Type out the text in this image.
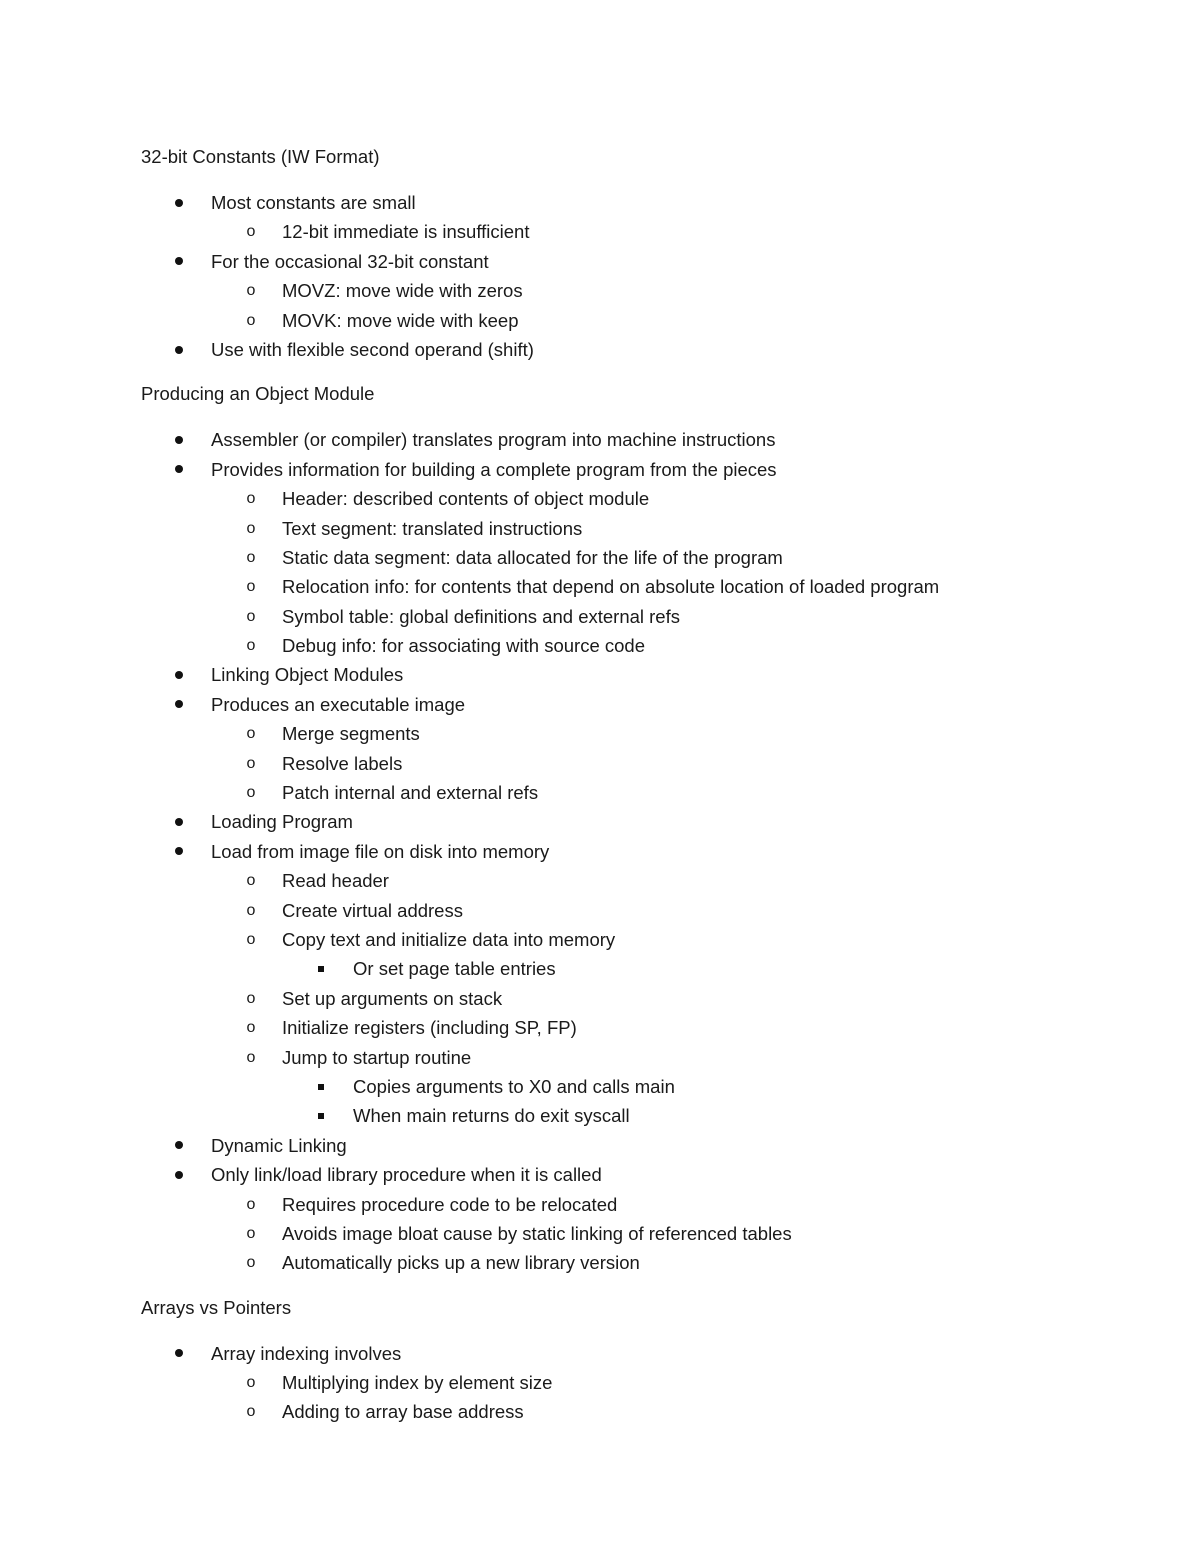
32-bit Constants (IW Format)
Most constants are small
o 12-bit immediate is insufficient
For the occasional 32-bit constant
o MOVZ: move wide with zeros
o MOVK: move wide with keep
Use with flexible second operand (shift)
Producing an Object Module
Assembler (or compiler) translates program into machine instructions
Provides information for building a complete program from the pieces
o Header: described contents of object module
o Text segment: translated instructions
o Static data segment: data allocated for the life of the program
o Relocation info: for contents that depend on absolute location of loaded program
o Symbol table: global definitions and external refs
o Debug info: for associating with source code
Linking Object Modules
Produces an executable image
o Merge segments
o Resolve labels
o Patch internal and external refs
Loading Program
Load from image file on disk into memory
o Read header
o Create virtual address
o Copy text and initialize data into memory
Or set page table entries
o Set up arguments on stack
o Initialize registers (including SP, FP)
o Jump to startup routine
Copies arguments to X0 and calls main
When main returns do exit syscall
Dynamic Linking
Only link/load library procedure when it is called
o Requires procedure code to be relocated
o Avoids image bloat cause by static linking of referenced tables
o Automatically picks up a new library version
Arrays vs Pointers
Array indexing involves
o Multiplying index by element size
o Adding to array base address
